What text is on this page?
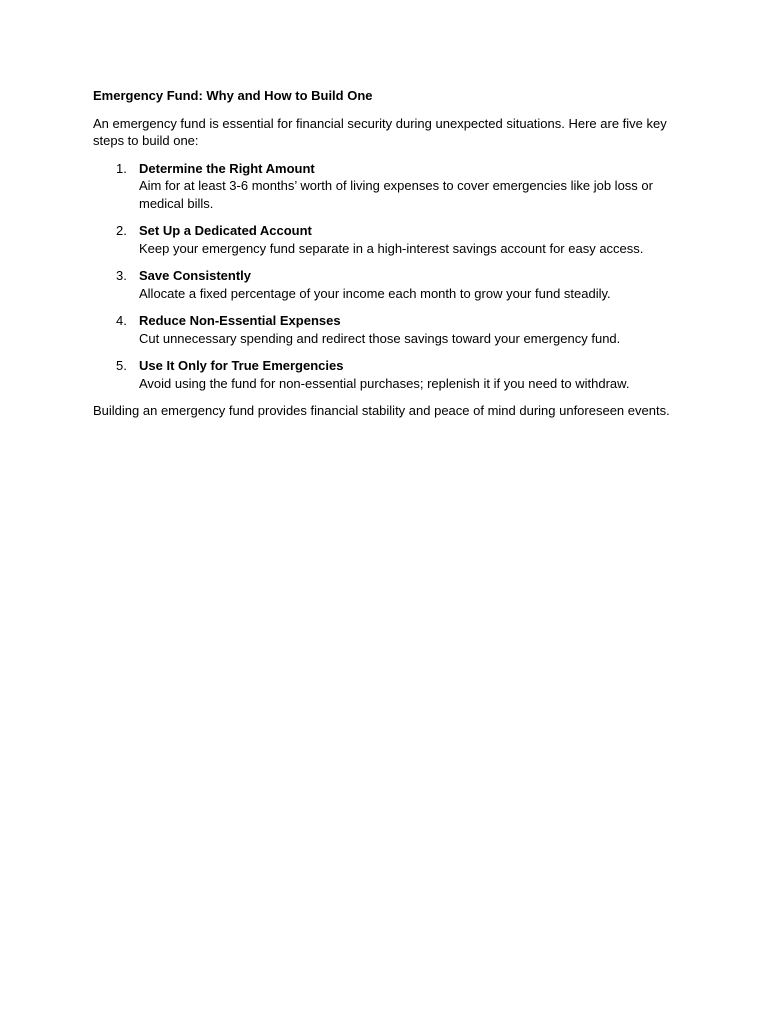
Emergency Fund: Why and How to Build One

An emergency fund is essential for financial security during unexpected situations. Here are five key steps to build one:

1. Determine the Right Amount
Aim for at least 3-6 months’ worth of living expenses to cover emergencies like job loss or medical bills.
2. Set Up a Dedicated Account
Keep your emergency fund separate in a high-interest savings account for easy access.
3. Save Consistently
Allocate a fixed percentage of your income each month to grow your fund steadily.
4. Reduce Non-Essential Expenses
Cut unnecessary spending and redirect those savings toward your emergency fund.
5. Use It Only for True Emergencies
Avoid using the fund for non-essential purchases; replenish it if you need to withdraw.

Building an emergency fund provides financial stability and peace of mind during unforeseen events.
